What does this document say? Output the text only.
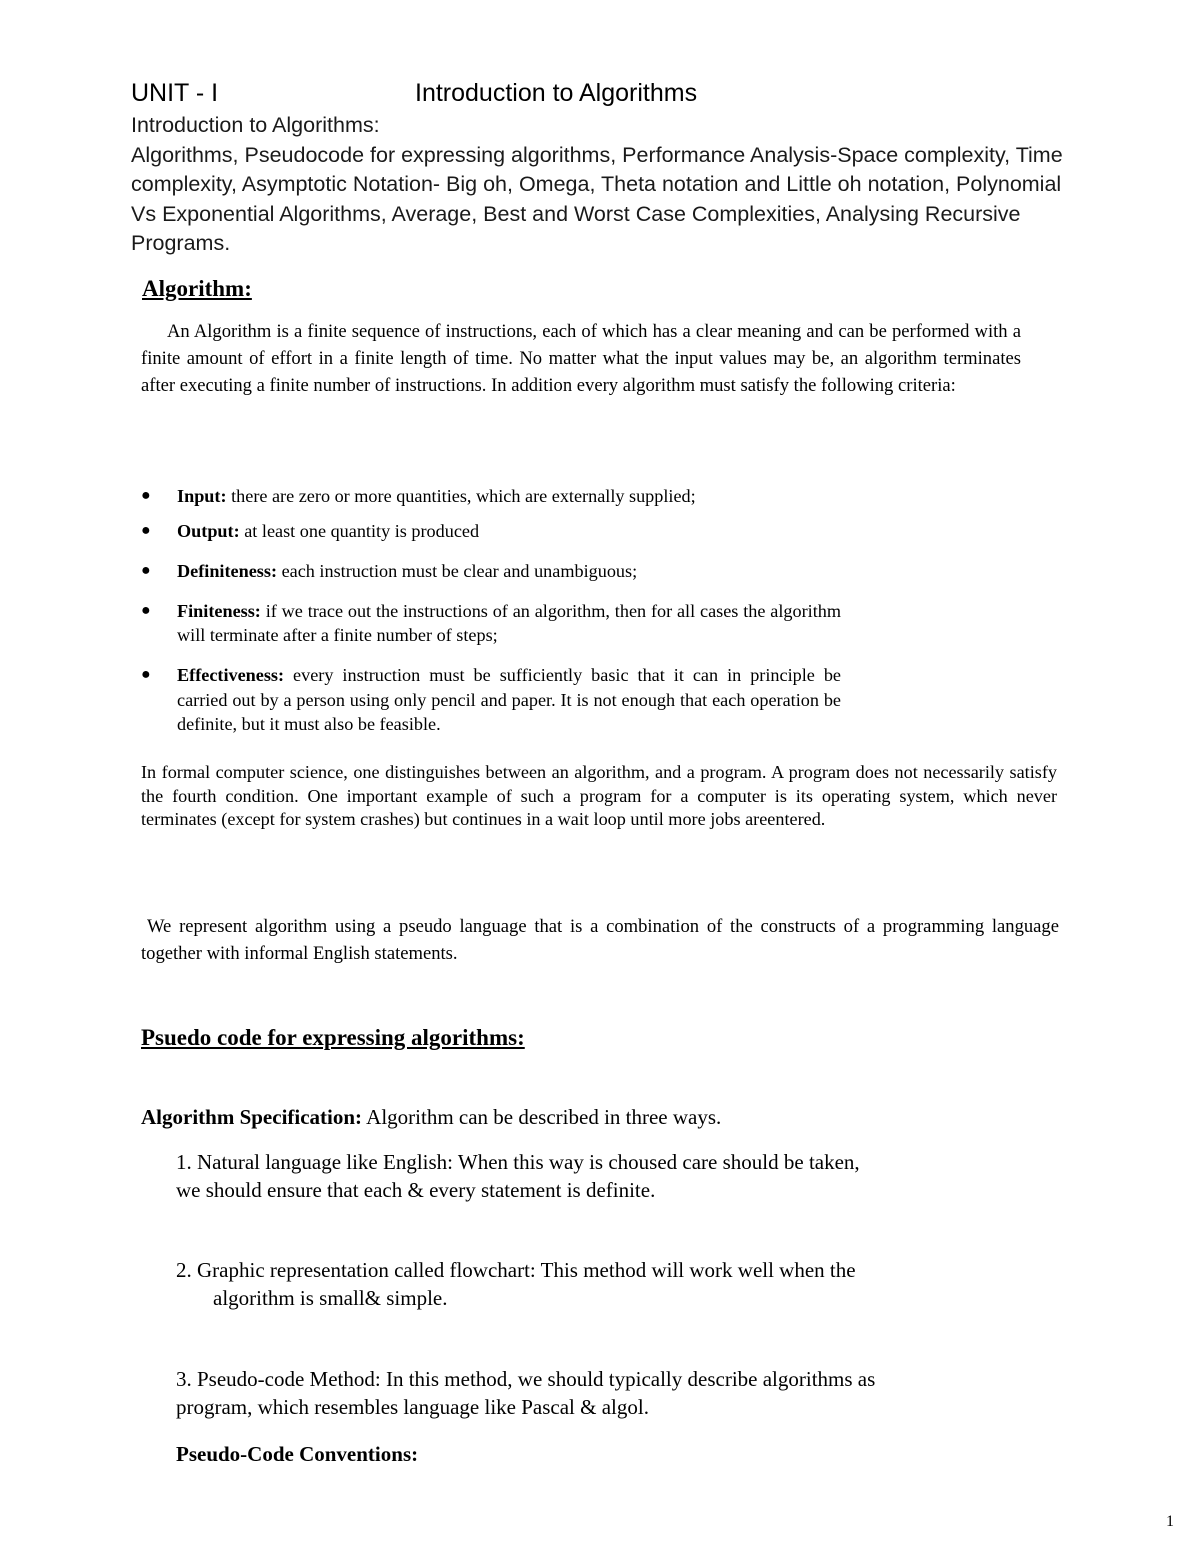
UNIT - I	Introduction to Algorithms

Introduction to Algorithms:

Algorithms, Pseudocode for expressing algorithms, Performance Analysis-Space complexity, Time complexity, Asymptotic Notation- Big oh, Omega, Theta notation and Little oh notation, Polynomial Vs Exponential Algorithms, Average, Best and Worst Case Complexities, Analysing Recursive Programs.

Algorithm:
An Algorithm is a finite sequence of instructions, each of which has a clear meaning and can be performed with a finite amount of effort in a finite length of time. No matter what the input values may be, an algorithm terminates after executing a finite number of instructions. In addition every algorithm must satisfy the following criteria:
● Input: there are zero or more quantities, which are externally supplied;
● Output: at least one quantity is produced
● Definiteness: each instruction must be clear and unambiguous;
● Finiteness: if we trace out the instructions of an algorithm, then for all cases the algorithm will terminate after a finite number of steps;
● Effectiveness: every instruction must be sufficiently basic that it can in principle be carried out by a person using only pencil and paper. It is not enough that each operation be definite, but it must also be feasible.
In formal computer science, one distinguishes between an algorithm, and a program. A program does not necessarily satisfy the fourth condition. One important example of such a program for a computer is its operating system, which never terminates (except for system crashes) but continues in a wait loop until more jobs areentered.
We represent algorithm using a pseudo language that is a combination of the constructs of a programming language together with informal English statements.
Psuedo code for expressing algorithms:
Algorithm Specification: Algorithm can be described in three ways.

1. Natural language like English: When this way is choused care should be taken,

we should ensure that each & every statement is definite.

2. Graphic representation called flowchart: This method will work well when the

algorithm is small& simple.

3. Pseudo-code Method: In this method, we should typically describe algorithms as

program, which resembles language like Pascal & algol.

Pseudo-Code Conventions:
1
